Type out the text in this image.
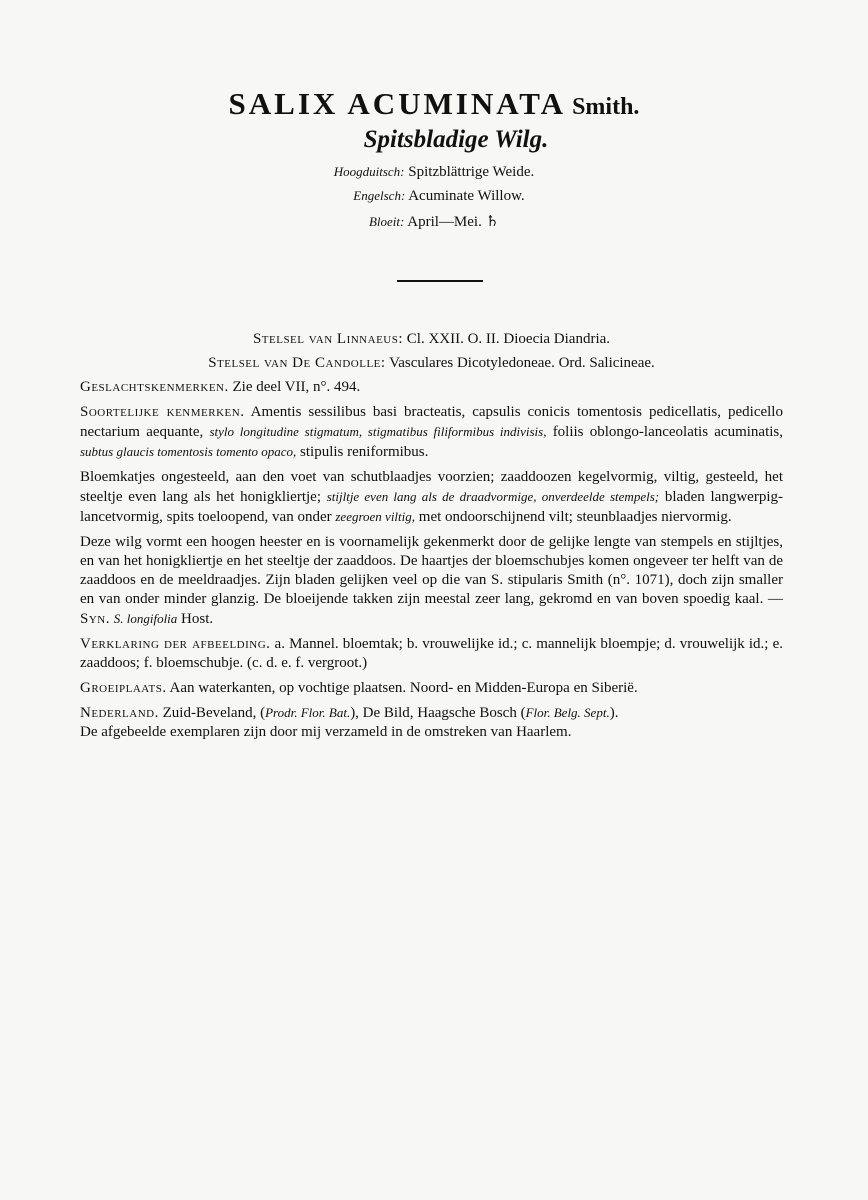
SALIX ACUMINATA Smith.
Spitsbladige Wilg.
Hoogduitsch: Spitzblättrige Weide.
Engelsch: Acuminate Willow.
Bloeit: April—Mei. ♄

Stelsel van Linnaeus: Cl. XXII. O. II. Dioecia Diandria.

Stelsel van De Candolle: Vasculares Dicotyledoneae. Ord. Salicineae.

Geslachtskenmerken. Zie deel VII, n°. 494.

Soortelijke kenmerken. Amentis sessilibus basi bracteatis, capsulis conicis tomentosis pedicellatis, pedicello nectarium aequante, stylo longitudine stigmatum, stigmatibus filiformibus indivisis, foliis oblongo-lanceolatis acuminatis, subtus glaucis tomentosis tomento opaco, stipulis reniformibus.

Bloemkatjes ongesteeld, aan den voet van schutblaadjes voorzien; zaaddoozen kegelvormig, viltig, gesteeld, het steeltje even lang als het honigkliertje; stijltje even lang als de draadvormige, onverdeelde stempels; bladen langwerpig-lancetvormig, spits toeloopend, van onder zeegroen viltig, met ondoorschijnend vilt; steunblaadjes niervormig.

Deze wilg vormt een hoogen heester en is voornamelijk gekenmerkt door de gelijke lengte van stempels en stijltjes, en van het honigkliertje en het steeltje der zaaddoos. De haartjes der bloemschubjes komen ongeveer ter helft van de zaaddoos en de meeldraadjes. Zijn bladen gelijken veel op die van S. stipularis Smith (n°. 1071), doch zijn smaller en van onder minder glanzig. De bloeijende takken zijn meestal zeer lang, gekromd en van boven spoedig kaal. — Syn. S. longifolia Host.

Verklaring der afbeelding. a. Mannel. bloemtak; b. vrouwelijke id.; c. mannelijk bloempje; d. vrouwelijk id.; e. zaaddoos; f. bloemschubje. (c. d. e. f. vergroot.)

Groeiplaats. Aan waterkanten, op vochtige plaatsen. Noord- en Midden-Europa en Siberië.

Nederland. Zuid-Beveland, (Prodr. Flor. Bat.), De Bild, Haagsche Bosch (Flor. Belg. Sept.).

De afgebeelde exemplaren zijn door mij verzameld in de omstreken van Haarlem.
